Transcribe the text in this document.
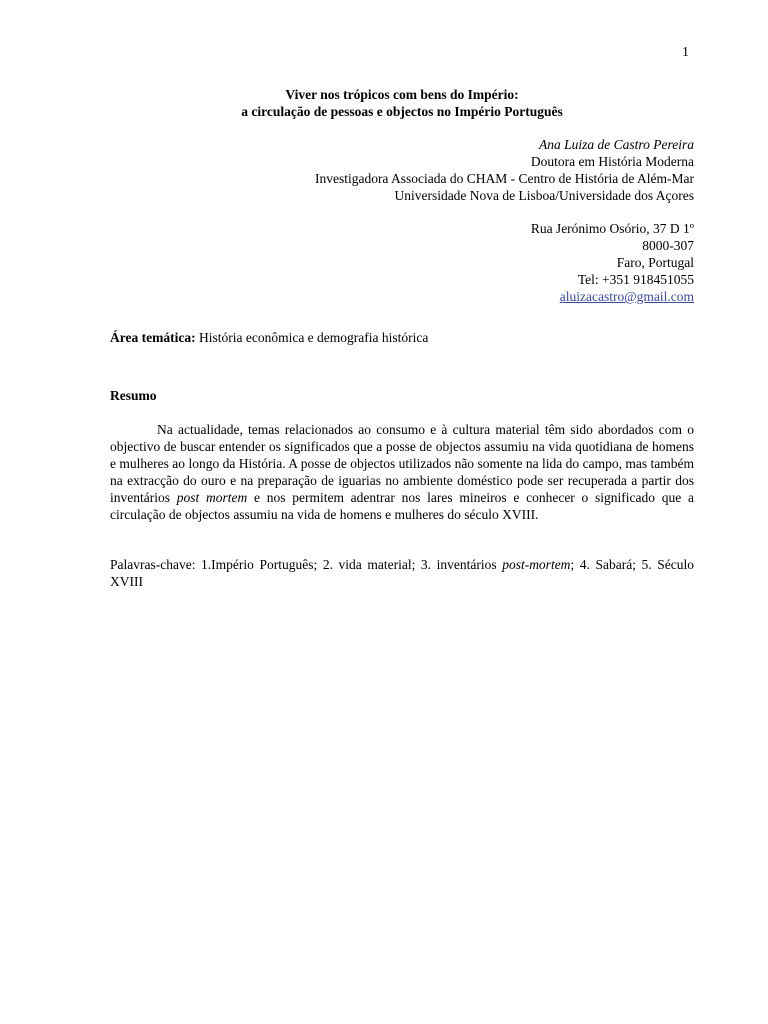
1
Viver nos trópicos com bens do Império:
a circulação de pessoas e objectos no Império Português
Ana Luiza de Castro Pereira
Doutora em História Moderna
Investigadora Associada do CHAM - Centro de História de Além-Mar
Universidade Nova de Lisboa/Universidade dos Açores
Rua Jerónimo Osório, 37 D 1º
8000-307
Faro, Portugal
Tel: +351 918451055
aluizacastro@gmail.com
Área temática: História econômica e demografia histórica
Resumo

Na actualidade, temas relacionados ao consumo e à cultura material têm sido abordados com o objectivo de buscar entender os significados que a posse de objectos assumiu na vida quotidiana de homens e mulheres ao longo da História. A posse de objectos utilizados não somente na lida do campo, mas também na extracção do ouro e na preparação de iguarias no ambiente doméstico pode ser recuperada a partir dos inventários post mortem e nos permitem adentrar nos lares mineiros e conhecer o significado que a circulação de objectos assumiu na vida de homens e mulheres do século XVIII.

Palavras-chave: 1.Império Português; 2. vida material; 3. inventários post-mortem; 4. Sabará; 5. Século XVIII
